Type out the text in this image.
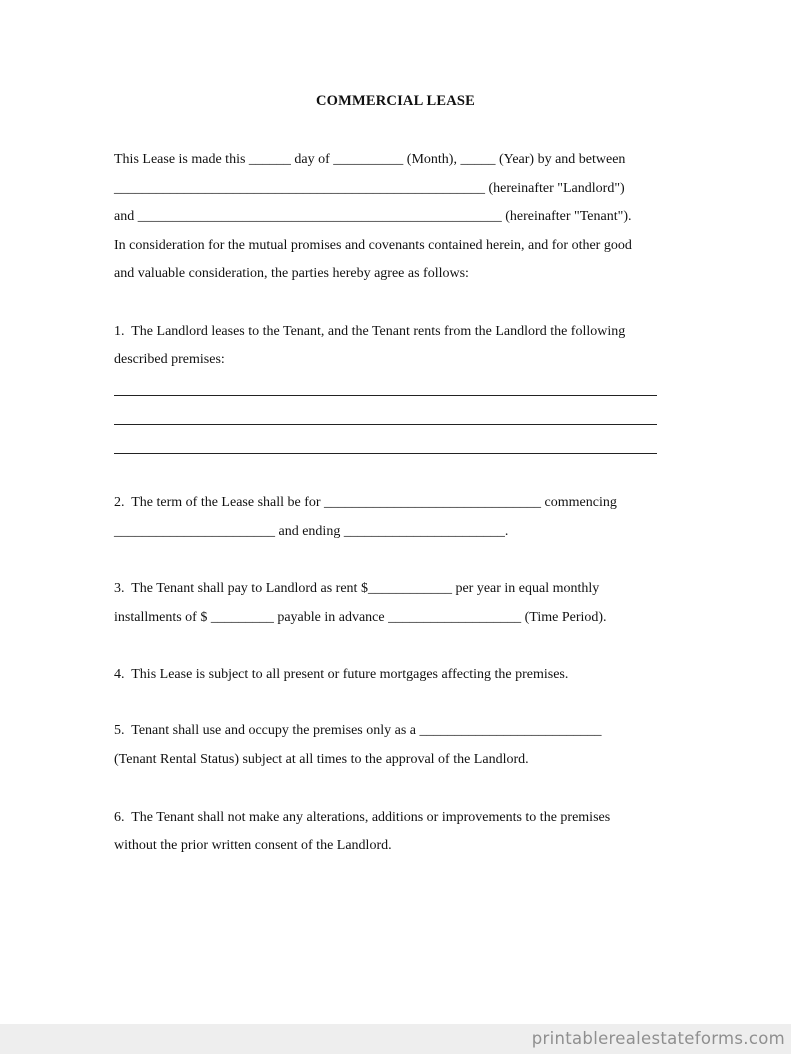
COMMERCIAL LEASE
This Lease is made this ______ day of __________ (Month), _____ (Year) by and between
_____________________________________________________ (hereinafter "Landlord")
and ____________________________________________________ (hereinafter "Tenant").
In consideration for the mutual promises and covenants contained herein, and for other good
and valuable consideration, the parties hereby agree as follows:
1.  The Landlord leases to the Tenant, and the Tenant rents from the Landlord the following
described premises:
2.  The term of the Lease shall be for _______________________________ commencing
_______________________ and ending _______________________.
3.  The Tenant shall pay to Landlord as rent $____________ per year in equal monthly
installments of $ _________ payable in advance ___________________ (Time Period).
4.  This Lease is subject to all present or future mortgages affecting the premises.
5.  Tenant shall use and occupy the premises only as a __________________________
(Tenant Rental Status) subject at all times to the approval of the Landlord.
6.  The Tenant shall not make any alterations, additions or improvements to the premises
without the prior written consent of the Landlord.
printablerealestateforms.com
